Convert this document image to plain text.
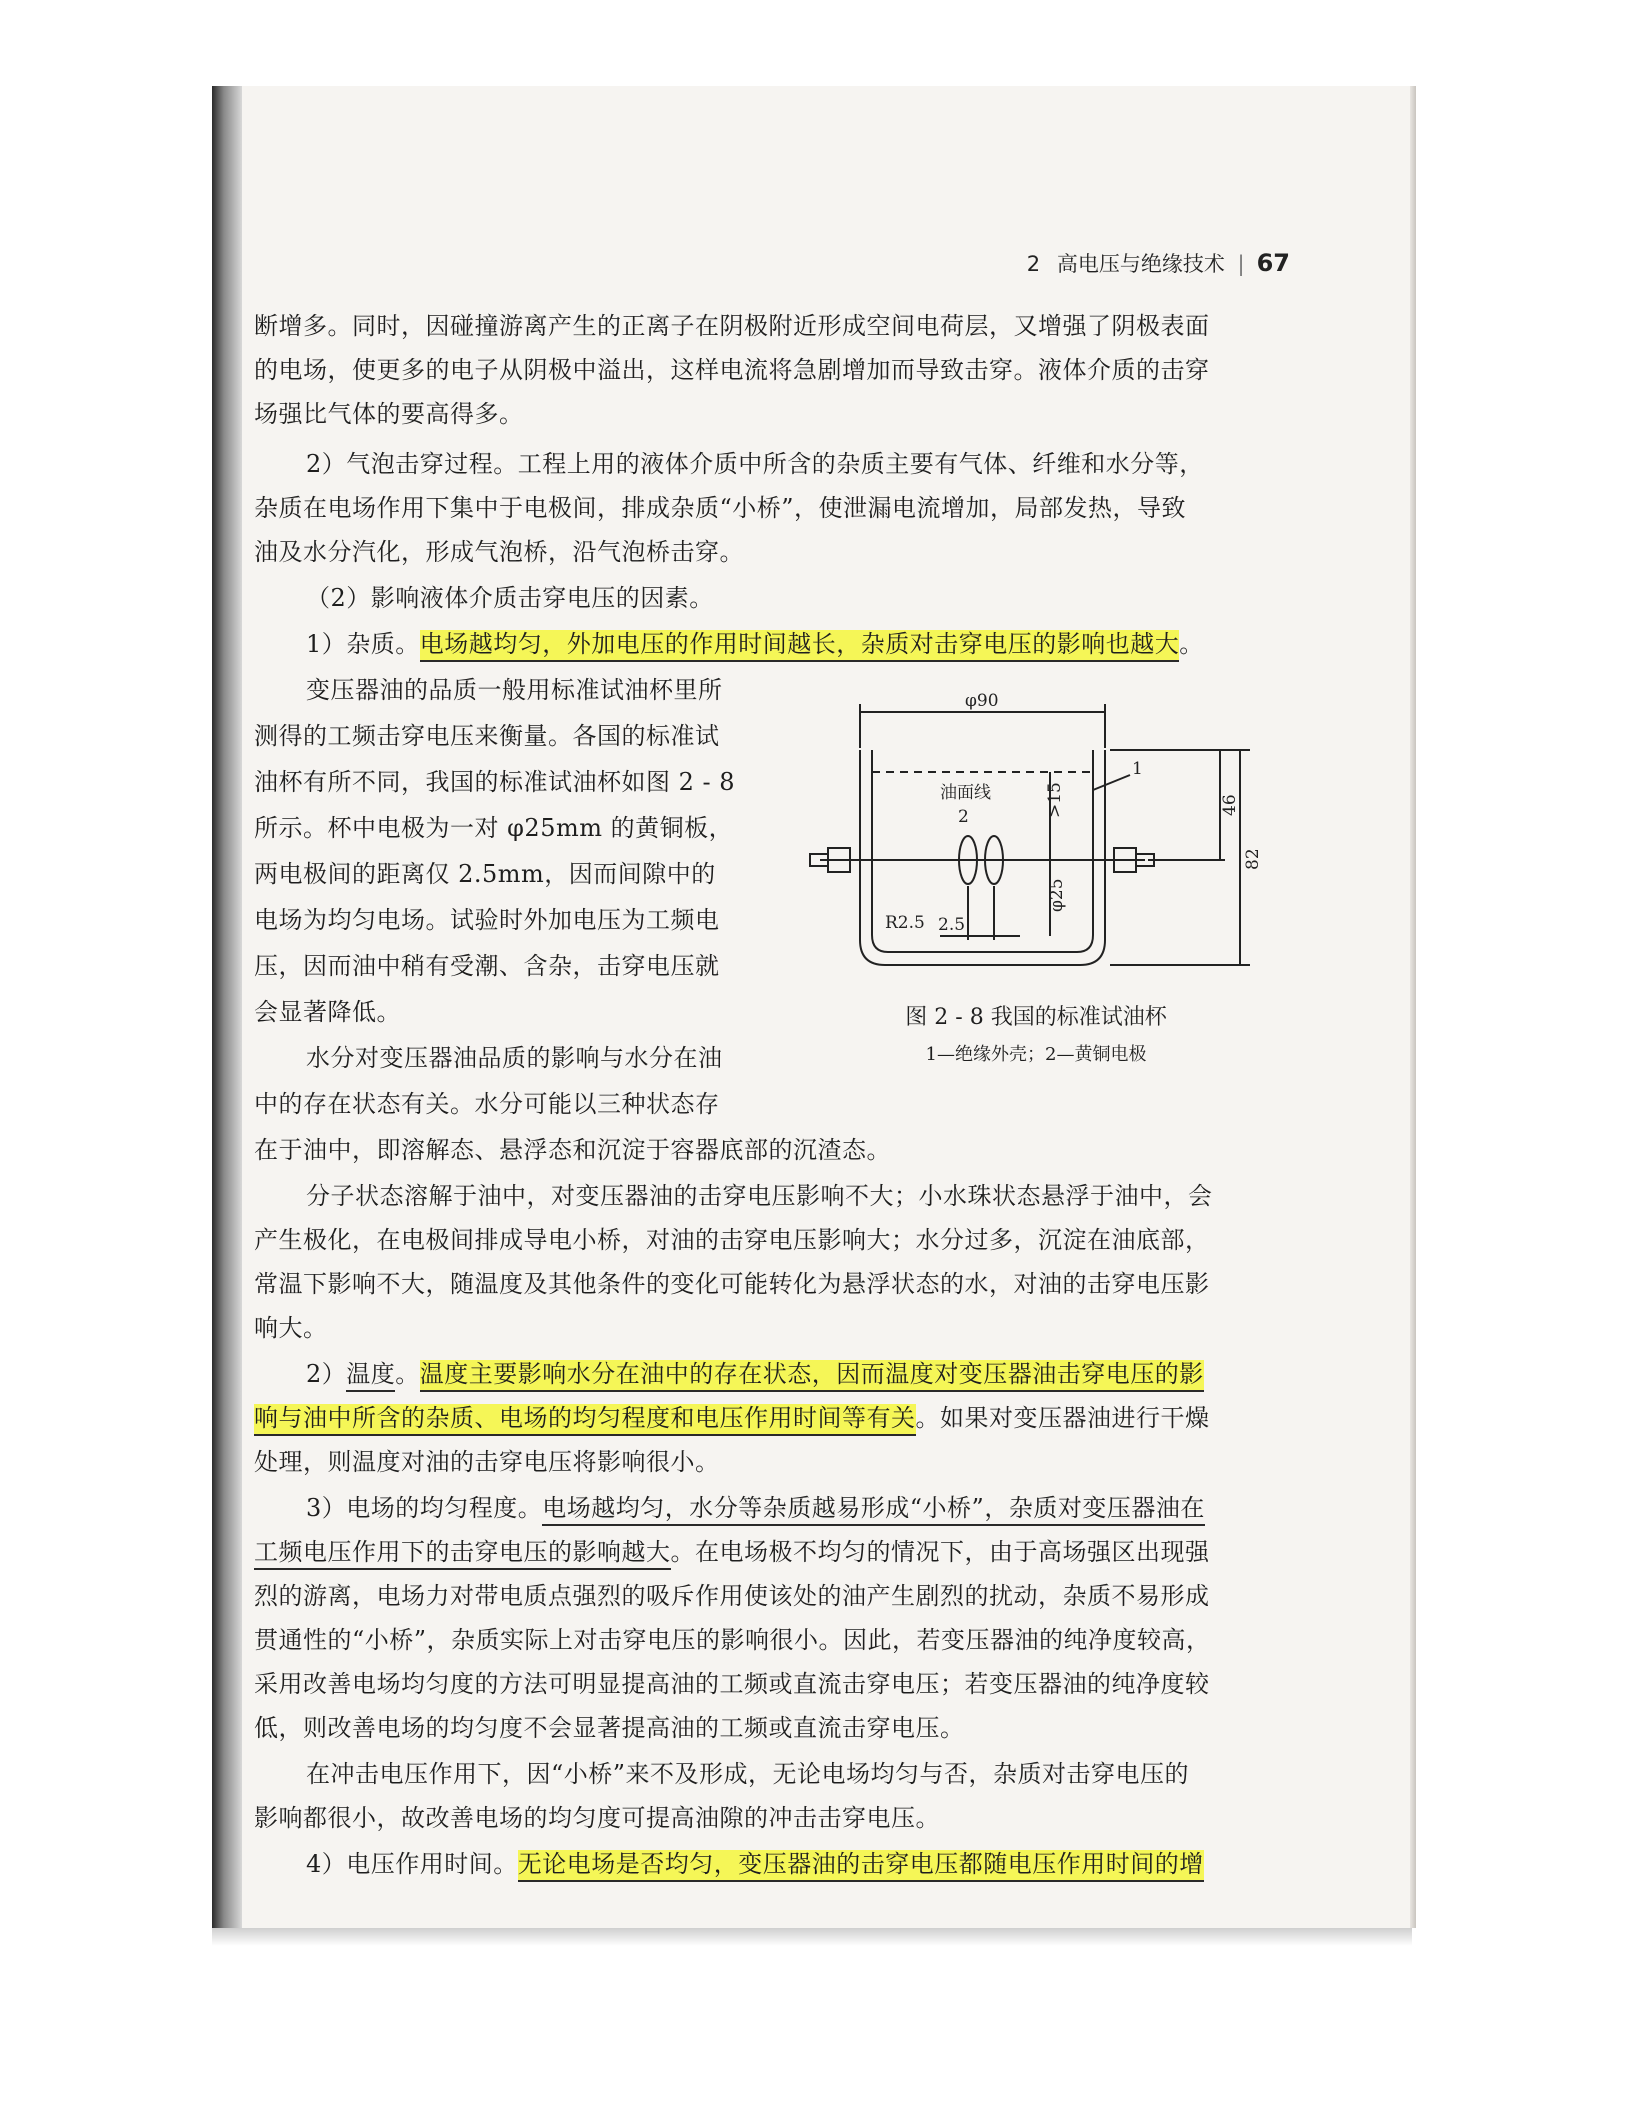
2 高电压与绝缘技术 | 67
断增多。同时，因碰撞游离产生的正离子在阴极附近形成空间电荷层，又增强了阴极表面
的电场，使更多的电子从阴极中溢出，这样电流将急剧增加而导致击穿。液体介质的击穿
场强比气体的要高得多。
2）气泡击穿过程。工程上用的液体介质中所含的杂质主要有气体、纤维和水分等，
杂质在电场作用下集中于电极间，排成杂质“小桥”，使泄漏电流增加，局部发热，导致
油及水分汽化，形成气泡桥，沿气泡桥击穿。
（2）影响液体介质击穿电压的因素。
1）杂质。电场越均匀，外加电压的作用时间越长，杂质对击穿电压的影响也越大。
变压器油的品质一般用标准试油杯里所
测得的工频击穿电压来衡量。各国的标准试
油杯有所不同，我国的标准试油杯如图 2 - 8
所示。杯中电极为一对 φ25mm 的黄铜板，
两电极间的距离仅 2.5mm，因而间隙中的
电场为均匀电场。试验时外加电压为工频电
压，因而油中稍有受潮、含杂，击穿电压就
会显著降低。
水分对变压器油品质的影响与水分在油
中的存在状态有关。水分可能以三种状态存
在于油中，即溶解态、悬浮态和沉淀于容器底部的沉渣态。
φ90
油面线
2
1
>15	46
82
φ25
R2.5 2.5
图 2 - 8 我国的标准试油杯
1—绝缘外壳；2—黄铜电极
分子状态溶解于油中，对变压器油的击穿电压影响不大；小水珠状态悬浮于油中，会
产生极化，在电极间排成导电小桥，对油的击穿电压影响大；水分过多，沉淀在油底部，
常温下影响不大，随温度及其他条件的变化可能转化为悬浮状态的水，对油的击穿电压影
响大。
2）温度。温度主要影响水分在油中的存在状态，因而温度对变压器油击穿电压的影
响与油中所含的杂质、电场的均匀程度和电压作用时间等有关。如果对变压器油进行干燥
处理，则温度对油的击穿电压将影响很小。
3）电场的均匀程度。电场越均匀，水分等杂质越易形成“小桥”，杂质对变压器油在
工频电压作用下的击穿电压的影响越大。在电场极不均匀的情况下，由于高场强区出现强
烈的游离，电场力对带电质点强烈的吸斥作用使该处的油产生剧烈的扰动，杂质不易形成
贯通性的“小桥”，杂质实际上对击穿电压的影响很小。因此，若变压器油的纯净度较高，
采用改善电场均匀度的方法可明显提高油的工频或直流击穿电压；若变压器油的纯净度较
低，则改善电场的均匀度不会显著提高油的工频或直流击穿电压。
在冲击电压作用下，因“小桥”来不及形成，无论电场均匀与否，杂质对击穿电压的
影响都很小，故改善电场的均匀度可提高油隙的冲击击穿电压。
4）电压作用时间。无论电场是否均匀，变压器油的击穿电压都随电压作用时间的增
